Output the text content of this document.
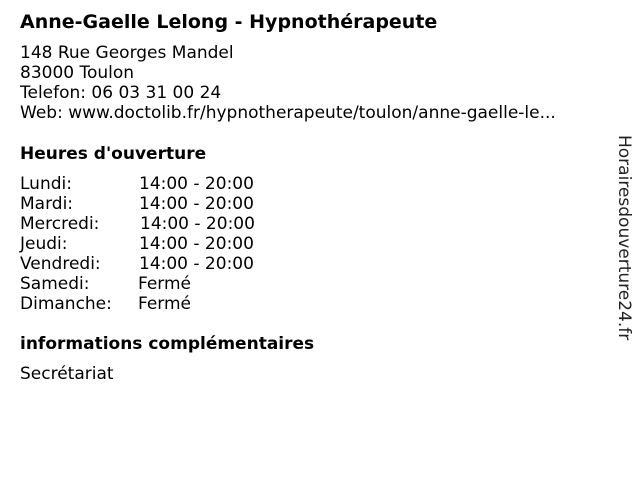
Anne-Gaelle Lelong - Hypnothérapeute
148 Rue Georges Mandel
83000 Toulon
Telefon: 06 03 31 00 24
Web: www.doctolib.fr/hypnotherapeute/toulon/anne-gaelle-le...
Heures d'ouverture
Lundi:	14:00 - 20:00
Mardi:	14:00 - 20:00
Mercredi: 14:00 - 20:00
Jeudi:	14:00 - 20:00
Vendredi: 14:00 - 20:00
Samedi:	Fermé
Dimanche: Fermé
informations complémentaires
Secrétariat
Horairesdouverture24.fr
